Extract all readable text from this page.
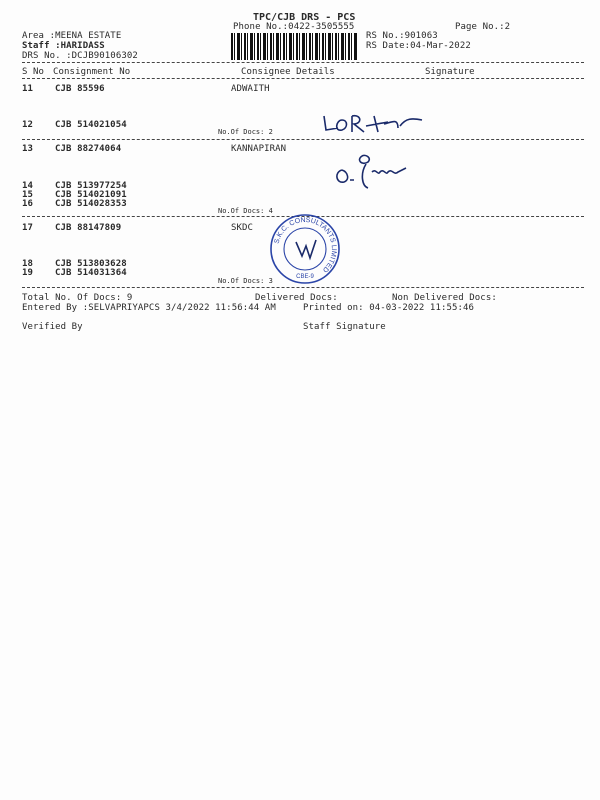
TPC/CJB DRS - PCS
Phone No.:0422-3505555	Page No.:2
Area :MEENA ESTATE
Staff :HARIDASS
DRS No. :DCJB90106302
RS No.:901063
RS Date:04-Mar-2022
S No Consignment No	Consignee Details	Signature
11 CJB 85596	ADWAITH
12 CJB 514021054
No.Of Docs: 2
13 CJB 88274064	KANNAPIRAN
14 CJB 513977254
15 CJB 514021091
16 CJB 514028353
No.Of Docs: 4
17 CJB 88147809	SKDC
S.K.C. CONSULTANTS LIMITED
CBE-9
18 CJB 513803628
19 CJB 514031364
No.Of Docs: 3
Total No. Of Docs: 9	Delivered Docs:	Non Delivered Docs:
Entered By :SELVAPRIYAPCS 3/4/2022 11:56:44 AM	Printed on: 04-03-2022 11:55:46
Verified By	Staff Signature
